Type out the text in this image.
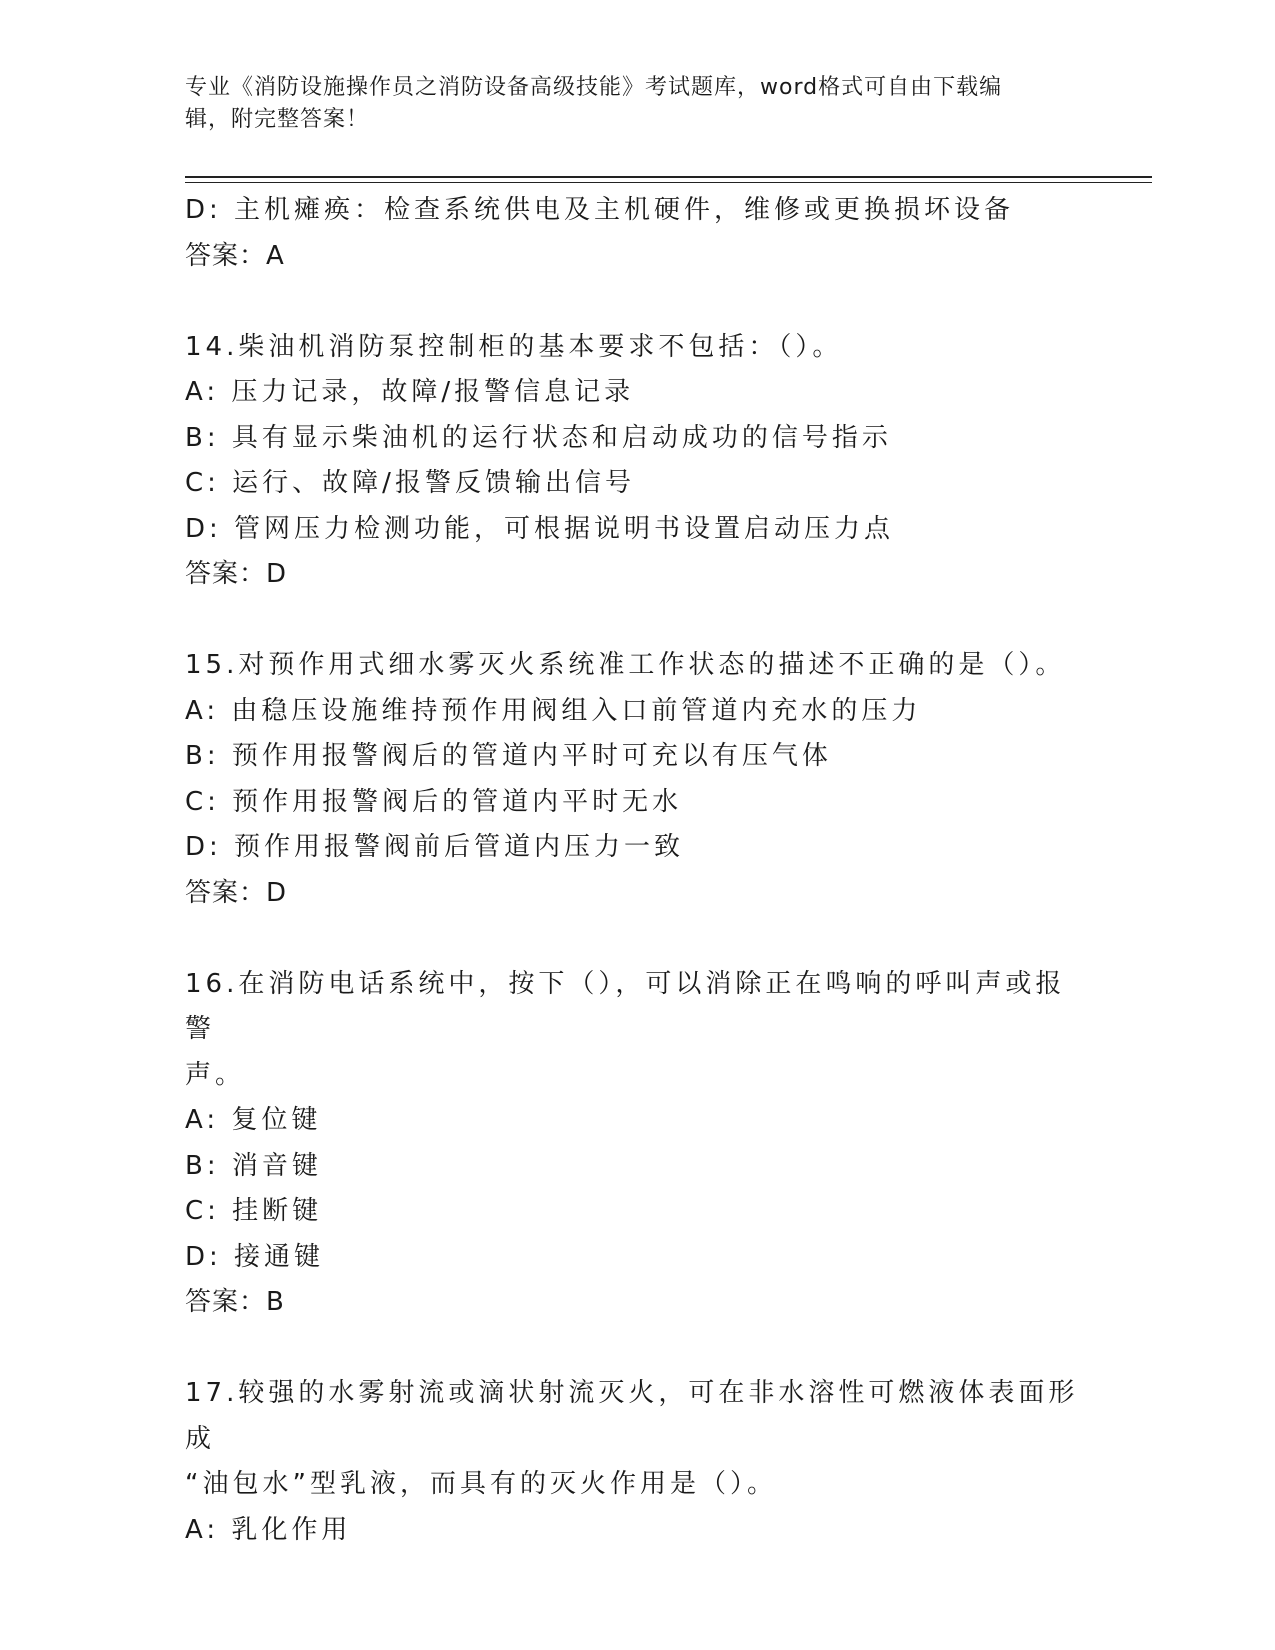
专业《消防设施操作员之消防设备高级技能》考试题库，word格式可自由下载编
辑，附完整答案！
D: 主机瘫痪：检查系统供电及主机硬件，维修或更换损坏设备
答案：A
14.柴油机消防泵控制柜的基本要求不包括：（）。
A: 压力记录，故障/报警信息记录
B: 具有显示柴油机的运行状态和启动成功的信号指示
C: 运行、故障/报警反馈输出信号
D: 管网压力检测功能，可根据说明书设置启动压力点
答案：D
15.对预作用式细水雾灭火系统准工作状态的描述不正确的是（）。
A: 由稳压设施维持预作用阀组入口前管道内充水的压力
B: 预作用报警阀后的管道内平时可充以有压气体
C: 预作用报警阀后的管道内平时无水
D: 预作用报警阀前后管道内压力一致
答案：D
16.在消防电话系统中，按下（），可以消除正在鸣响的呼叫声或报警
声。
A: 复位键
B: 消音键
C: 挂断键
D: 接通键
答案：B
17.较强的水雾射流或滴状射流灭火，可在非水溶性可燃液体表面形成
“油包水”型乳液，而具有的灭火作用是（）。
A: 乳化作用
